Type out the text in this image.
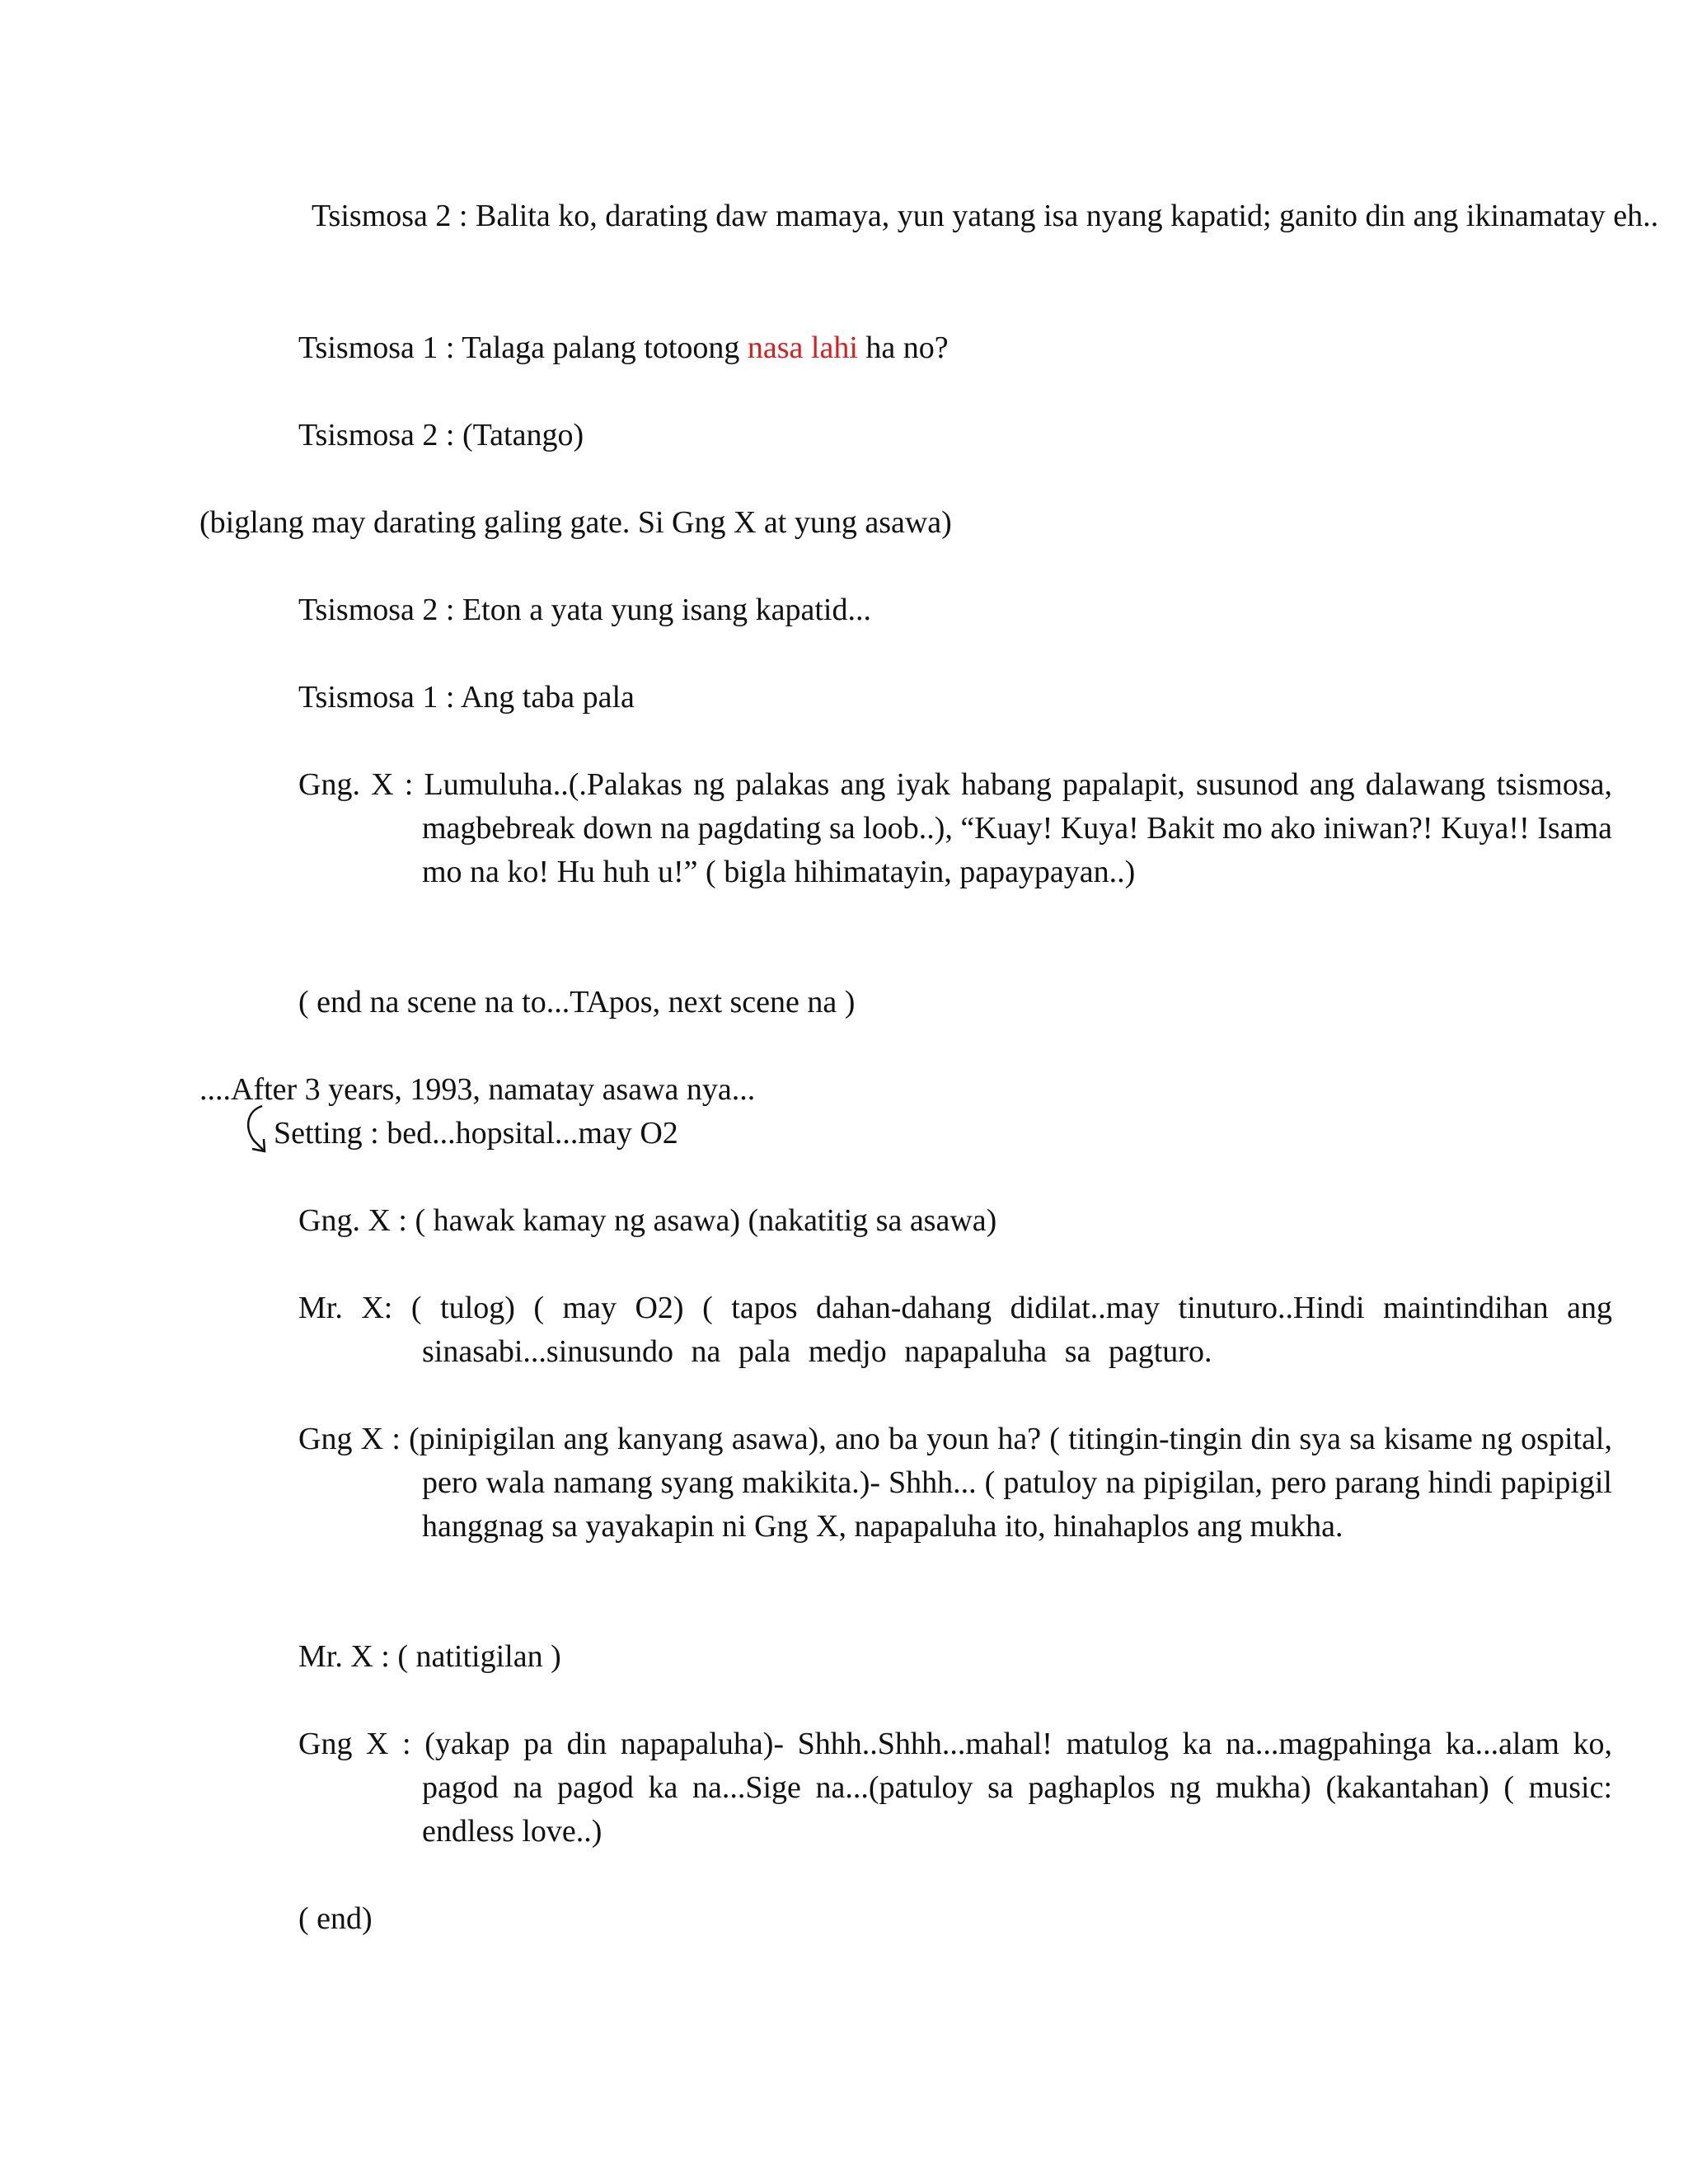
Tsismosa 2 : Balita ko, darating daw mamaya, yun yatang isa nyang kapatid; ganito din ang ikinamatay eh..
Tsismosa 1 : Talaga palang totoong nasa lahi ha no?
Tsismosa 2 : (Tatango)
(biglang may darating galing gate. Si Gng X at yung asawa)
Tsismosa 2 : Eton a yata yung isang kapatid...
Tsismosa 1 : Ang taba pala
Gng. X : Lumuluha..(.Palakas ng palakas ang iyak habang papalapit, susunod ang dalawang tsismosa, magbebreak down na pagdating sa loob..), “Kuay! Kuya! Bakit mo ako iniwan?! Kuya!! Isama mo na ko! Hu huh u!” ( bigla hihimatayin, papaypayan..)
( end na scene na to...TApos, next scene na )
....After 3 years, 1993, namatay asawa nya...
Setting : bed...hopsital...may O2
Gng. X : ( hawak kamay ng asawa) (nakatitig sa asawa)
Mr. X: ( tulog) ( may O2) ( tapos dahan-dahang didilat..may tinuturo..Hindi maintindihan ang sinasabi...sinusundo na pala medjo napapaluha sa pagturo.
Gng X : (pinipigilan ang kanyang asawa), ano ba youn ha? ( titingin-tingin din sya sa kisame ng ospital, pero wala namang syang makikita.)- Shhh... ( patuloy na pipigilan, pero parang hindi papipigil hanggnag sa yayakapin ni Gng X, napapaluha ito, hinahaplos ang mukha.
Mr. X : ( natitigilan )
Gng X : (yakap pa din napapaluha)- Shhh..Shhh...mahal! matulog ka na...magpahinga ka...alam ko, pagod na pagod ka na...Sige na...(patuloy sa paghaplos ng mukha) (kakantahan) ( music: endless love..)
( end)
